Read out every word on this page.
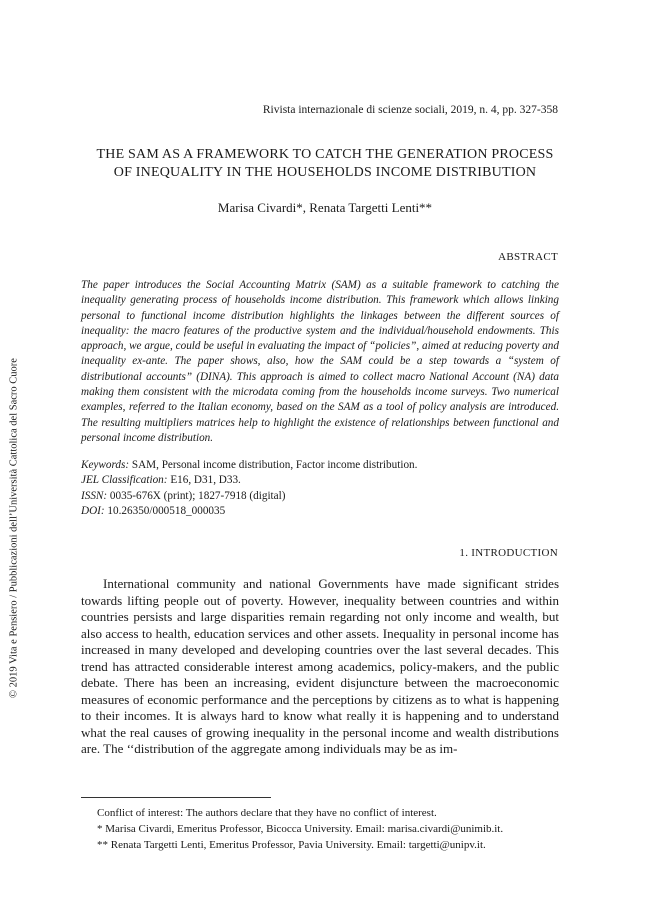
Rivista internazionale di scienze sociali, 2019, n. 4, pp. 327-358
THE SAM AS A FRAMEWORK TO CATCH THE GENERATION PROCESS
OF INEQUALITY IN THE HOUSEHOLDS INCOME DISTRIBUTION
Marisa Civardi*, Renata Targetti Lenti**
ABSTRACT
The paper introduces the Social Accounting Matrix (SAM) as a suitable framework to catching the inequality generating process of households income distribution. This framework which allows linking personal to functional income distribution highlights the linkages between the different sources of inequality: the macro features of the productive system and the individual/household endowments. This approach, we argue, could be useful in evaluating the impact of “policies”, aimed at reducing poverty and inequality ex-ante. The paper shows, also, how the SAM could be a step towards a “system of distributional accounts” (DINA). This approach is aimed to collect macro National Account (NA) data making them consistent with the microdata coming from the households income surveys. Two numerical examples, referred to the Italian economy, based on the SAM as a tool of policy analysis are introduced. The resulting multipliers matrices help to highlight the existence of relationships between functional and personal income distribution.
Keywords: SAM, Personal income distribution, Factor income distribution.
JEL Classification: E16, D31, D33.
ISSN: 0035-676X (print); 1827-7918 (digital)
DOI: 10.26350/000518_000035
1. INTRODUCTION
International community and national Governments have made significant strides towards lifting people out of poverty. However, inequality between countries and within countries persists and large disparities remain regarding not only income and wealth, but also access to health, education services and other assets. Inequality in personal income has increased in many developed and developing countries over the last several decades. This trend has attracted considerable interest among academics, policy-makers, and the public debate. There has been an increasing, evident disjuncture between the macroeconomic measures of economic performance and the perceptions by citizens as to what is happening to their incomes. It is always hard to know what really it is happening and to understand what the real causes of growing inequality in the personal income and wealth distributions are. The ‘‘distribution of the aggregate among individuals may be as im-
Conflict of interest: The authors declare that they have no conflict of interest.
* Marisa Civardi, Emeritus Professor, Bicocca University. Email: marisa.civardi@unimib.it.
** Renata Targetti Lenti, Emeritus Professor, Pavia University. Email: targetti@unipv.it.
© 2019 Vita e Pensiero / Pubblicazioni dell’Università Cattolica del Sacro Cuore
